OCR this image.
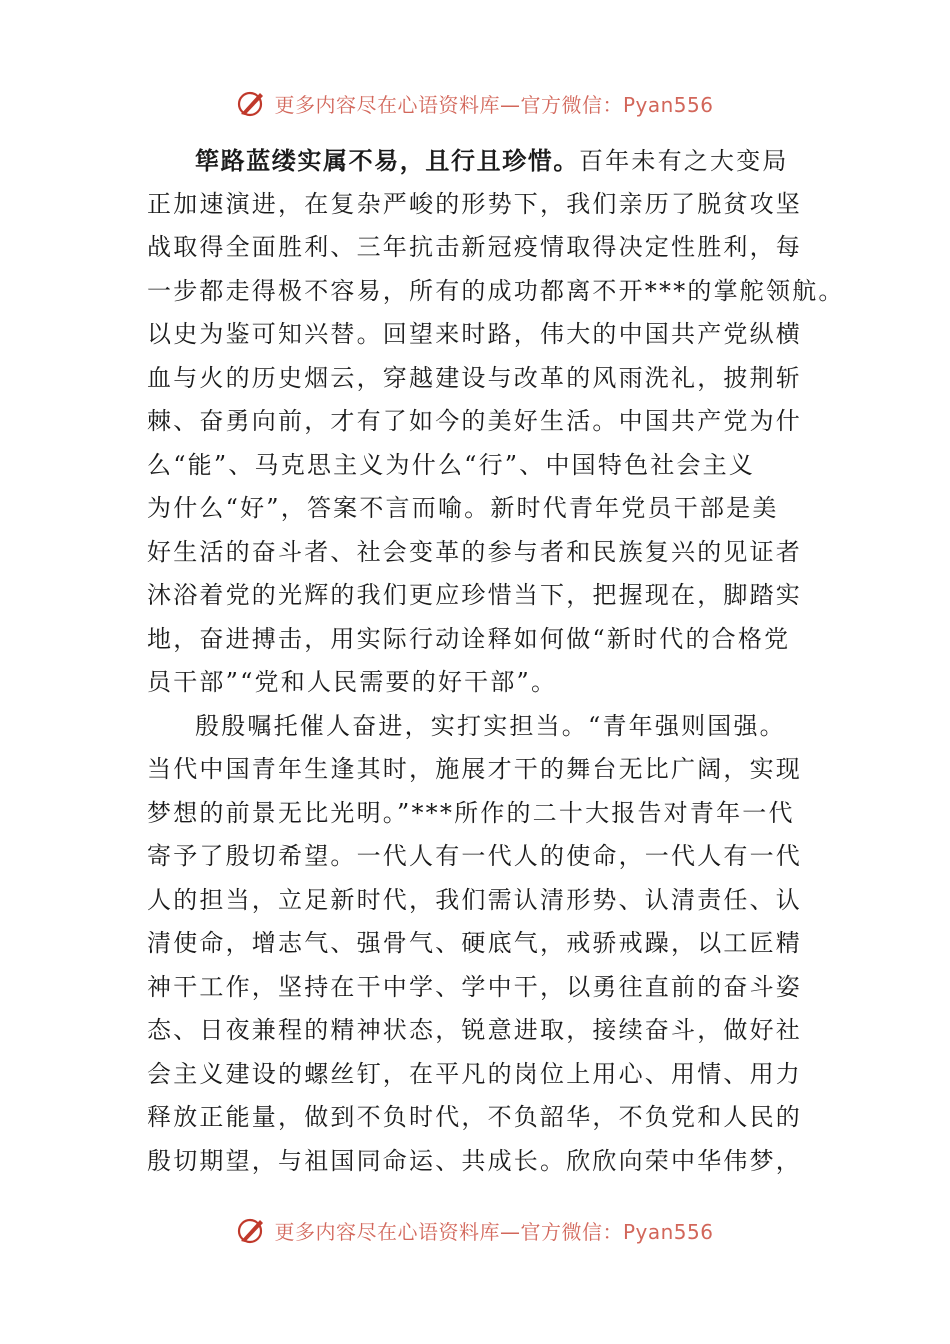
更多内容尽在心语资料库—官方微信：Pyan556
筚路蓝缕实属不易，且行且珍惜。百年未有之大变局
正加速演进，在复杂严峻的形势下，我们亲历了脱贫攻坚
战取得全面胜利、三年抗击新冠疫情取得决定性胜利，每
一步都走得极不容易，所有的成功都离不开***的掌舵领航。
以史为鉴可知兴替。回望来时路，伟大的中国共产党纵横
血与火的历史烟云，穿越建设与改革的风雨洗礼，披荆斩
棘、奋勇向前，才有了如今的美好生活。中国共产党为什
么“能”、马克思主义为什么“行”、中国特色社会主义
为什么“好”，答案不言而喻。新时代青年党员干部是美
好生活的奋斗者、社会变革的参与者和民族复兴的见证者
沐浴着党的光辉的我们更应珍惜当下，把握现在，脚踏实
地，奋进搏击，用实际行动诠释如何做“新时代的合格党
员干部”“党和人民需要的好干部”。
殷殷嘱托催人奋进，实打实担当。“青年强则国强。
当代中国青年生逢其时，施展才干的舞台无比广阔，实现
梦想的前景无比光明。”***所作的二十大报告对青年一代
寄予了殷切希望。一代人有一代人的使命，一代人有一代
人的担当，立足新时代，我们需认清形势、认清责任、认
清使命，增志气、强骨气、硬底气，戒骄戒躁，以工匠精
神干工作，坚持在干中学、学中干，以勇往直前的奋斗姿
态、日夜兼程的精神状态，锐意进取，接续奋斗，做好社
会主义建设的螺丝钉，在平凡的岗位上用心、用情、用力
释放正能量，做到不负时代，不负韶华，不负党和人民的
殷切期望，与祖国同命运、共成长。欣欣向荣中华伟梦，
更多内容尽在心语资料库—官方微信：Pyan556
